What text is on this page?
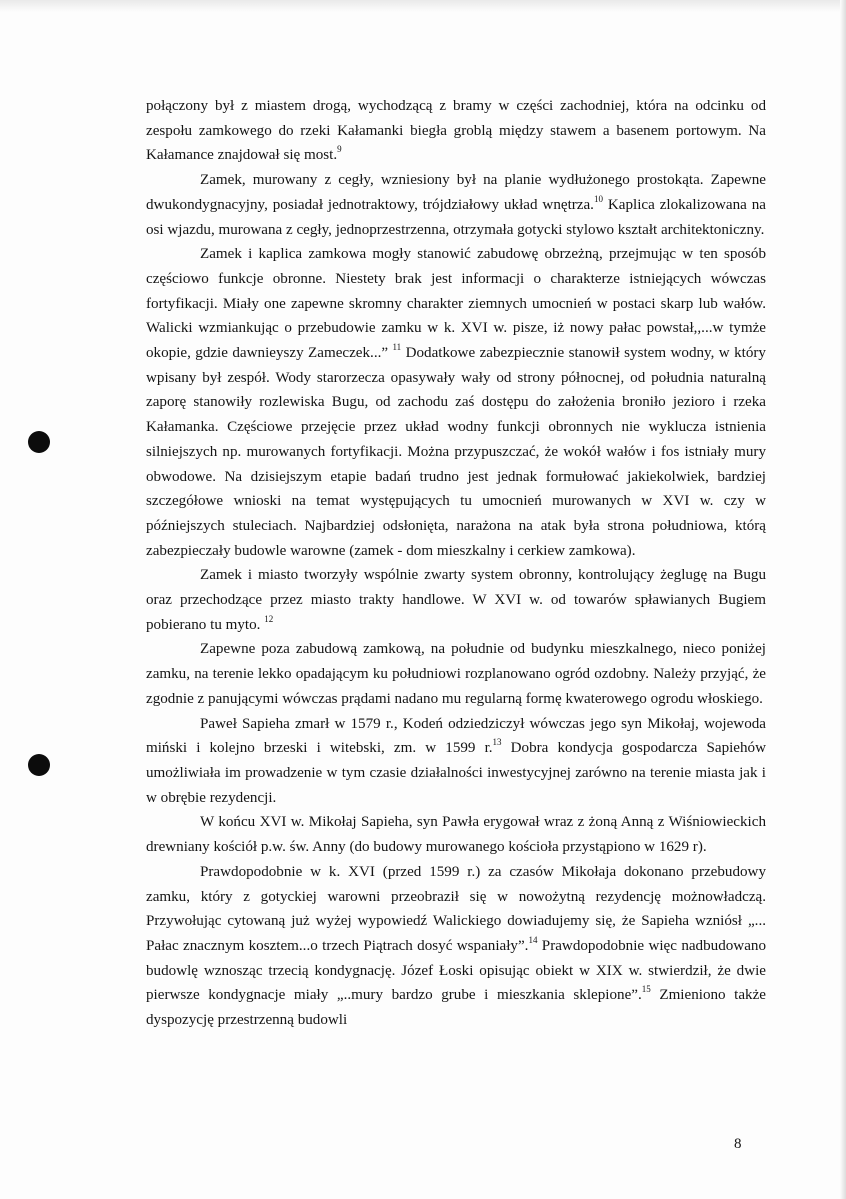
połączony był z miastem drogą, wychodzącą z bramy w części zachodniej, która na odcinku od zespołu zamkowego do rzeki Kałamanki biegła groblą między stawem a basenem portowym. Na Kałamance znajdował się most.$^9$

Zamek, murowany z cegły, wzniesiony był na planie wydłużonego prostokąta. Zapewne dwukondygnacyjny, posiadał jednotraktowy, trójdziałowy układ wnętrza.$^{10}$ Kaplica zlokalizowana na osi wjazdu, murowana z cegły, jednoprzestrzenna, otrzymała gotycki stylowo kształt architektoniczny.

Zamek i kaplica zamkowa mogły stanowić zabudowę obrzeżną, przejmując w ten sposób częściowo funkcje obronne. Niestety brak jest informacji o charakterze istniejących wówczas fortyfikacji. Miały one zapewne skromny charakter ziemnych umocnień w postaci skarp lub wałów. Walicki wzmiankując o przebudowie zamku w k. XVI w. pisze, iż nowy pałac powstał,,...w tymże okopie, gdzie dawnieyszy Zameczek...” $^{11}$ Dodatkowe zabezpiecznie stanowił system wodny, w który wpisany był zespół. Wody starorzecza opasywały wały od strony północnej, od południa naturalną zaporę stanowiły rozlewiska Bugu, od zachodu zaś dostępu do założenia broniło jezioro i rzeka Kałamanka. Częściowe przejęcie przez układ wodny funkcji obronnych nie wyklucza istnienia silniejszych np. murowanych fortyfikacji. Można przypuszczać, że wokół wałów i fos istniały mury obwodowe. Na dzisiejszym etapie badań trudno jest jednak formułować jakiekolwiek, bardziej szczegółowe wnioski na temat występujących tu umocnień murowanych w XVI w. czy w późniejszych stuleciach. Najbardziej odsłonięta, narażona na atak była strona południowa, którą zabezpieczały budowle warowne (zamek - dom mieszkalny i cerkiew zamkowa).

Zamek i miasto tworzyły wspólnie zwarty system obronny, kontrolujący żeglugę na Bugu oraz przechodzące przez miasto trakty handlowe. W XVI w. od towarów spławianych Bugiem pobierano tu myto. $^{12}$

Zapewne poza zabudową zamkową, na południe od budynku mieszkalnego, nieco poniżej zamku, na terenie lekko opadającym ku południowi rozplanowano ogród ozdobny. Należy przyjąć, że zgodnie z panującymi wówczas prądami nadano mu regularną formę kwaterowego ogrodu włoskiego.

Paweł Sapieha zmarł w 1579 r., Kodeń odziedziczył wówczas jego syn Mikołaj, wojewoda miński i kolejno brzeski i witebski, zm. w 1599 r.$^{13}$ Dobra kondycja gospodarcza Sapiehów umożliwiała im prowadzenie w tym czasie działalności inwestycyjnej zarówno na terenie miasta jak i w obrębie rezydencji.

W końcu XVI w. Mikołaj Sapieha, syn Pawła erygował wraz z żoną Anną z Wiśniowieckich drewniany kościół p.w. św. Anny (do budowy murowanego kościoła przystąpiono w 1629 r).

Prawdopodobnie w k. XVI (przed 1599 r.) za czasów Mikołaja dokonano przebudowy zamku, który z gotyckiej warowni przeobraził się w nowożytną rezydencję możnowładczą. Przywołując cytowaną już wyżej wypowiedź Walickiego dowiadujemy się, że Sapieha wzniósł „... Pałac znacznym kosztem...o trzech Piątrach dosyć wspaniały”.$^{14}$ Prawdopodobnie więc nadbudowano budowlę wznosząc trzecią kondygnację. Józef Łoski opisując obiekt w XIX w. stwierdził, że dwie pierwsze kondygnacje miały „..mury bardzo grube i mieszkania sklepione”.$^{15}$ Zmieniono także dyspozycję przestrzenną budowli

8
